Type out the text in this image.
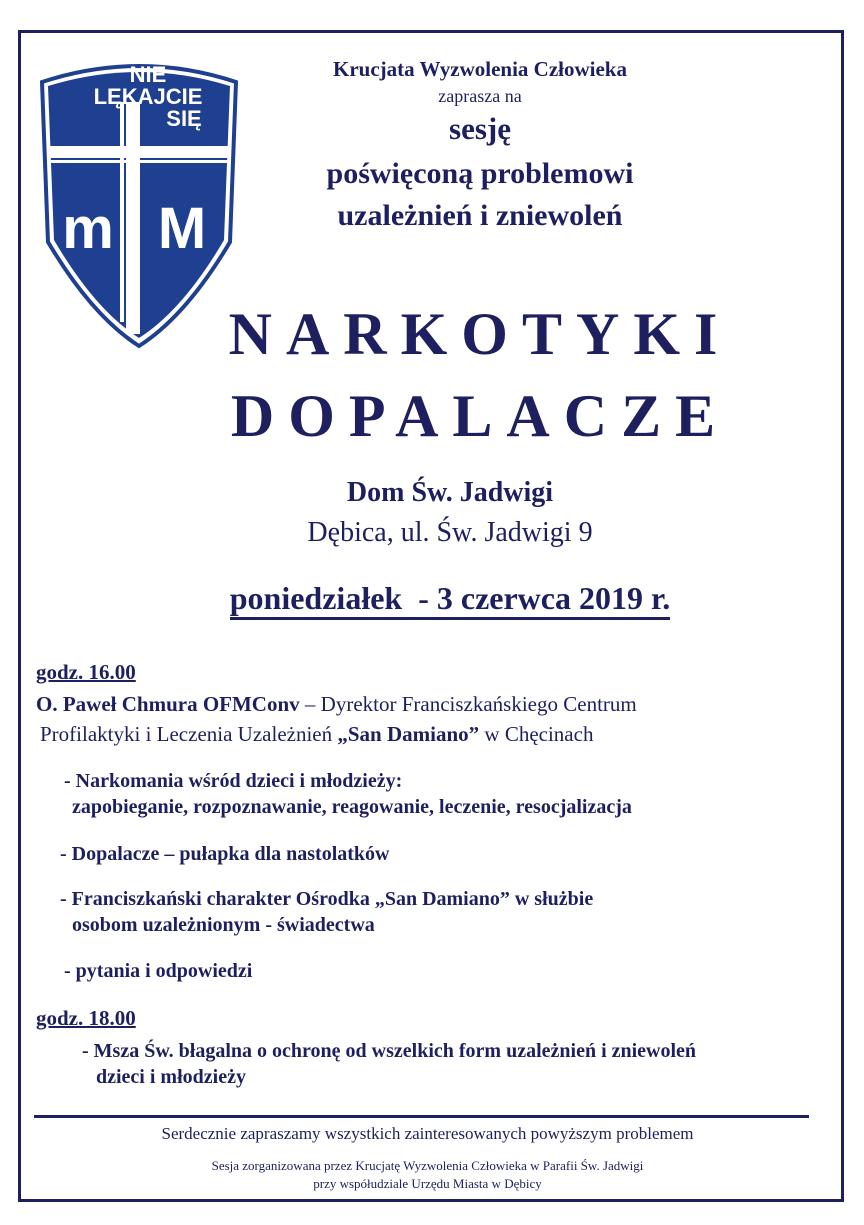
NIE
LĘKAJCIE
SIĘ
m M
Krucjata Wyzwolenia Człowieka
zaprasza na
sesję
poświęconą problemowi
uzależnień i zniewoleń
NARKOTYKI
DOPALACZE
Dom Św. Jadwigi
Dębica, ul. Św. Jadwigi 9
poniedziałek  - 3 czerwca 2019 r.
godz. 16.00
O. Paweł Chmura OFMConv – Dyrektor Franciszkańskiego Centrum
Profilaktyki i Leczenia Uzależnień „San Damiano” w Chęcinach
- Narkomania wśród dzieci i młodzieży:
zapobieganie, rozpoznawanie, reagowanie, leczenie, resocjalizacja
- Dopalacze – pułapka dla nastolatków
- Franciszkański charakter Ośrodka „San Damiano” w służbie
osobom uzależnionym - świadectwa
- pytania i odpowiedzi
godz. 18.00
- Msza Św. błagalna o ochronę od wszelkich form uzależnień i zniewoleń
dzieci i młodzieży
Serdecznie zapraszamy wszystkich zainteresowanych powyższym problemem
Sesja zorganizowana przez Krucjatę Wyzwolenia Człowieka w Parafii Św. Jadwigi
przy współudziale Urzędu Miasta w Dębicy
